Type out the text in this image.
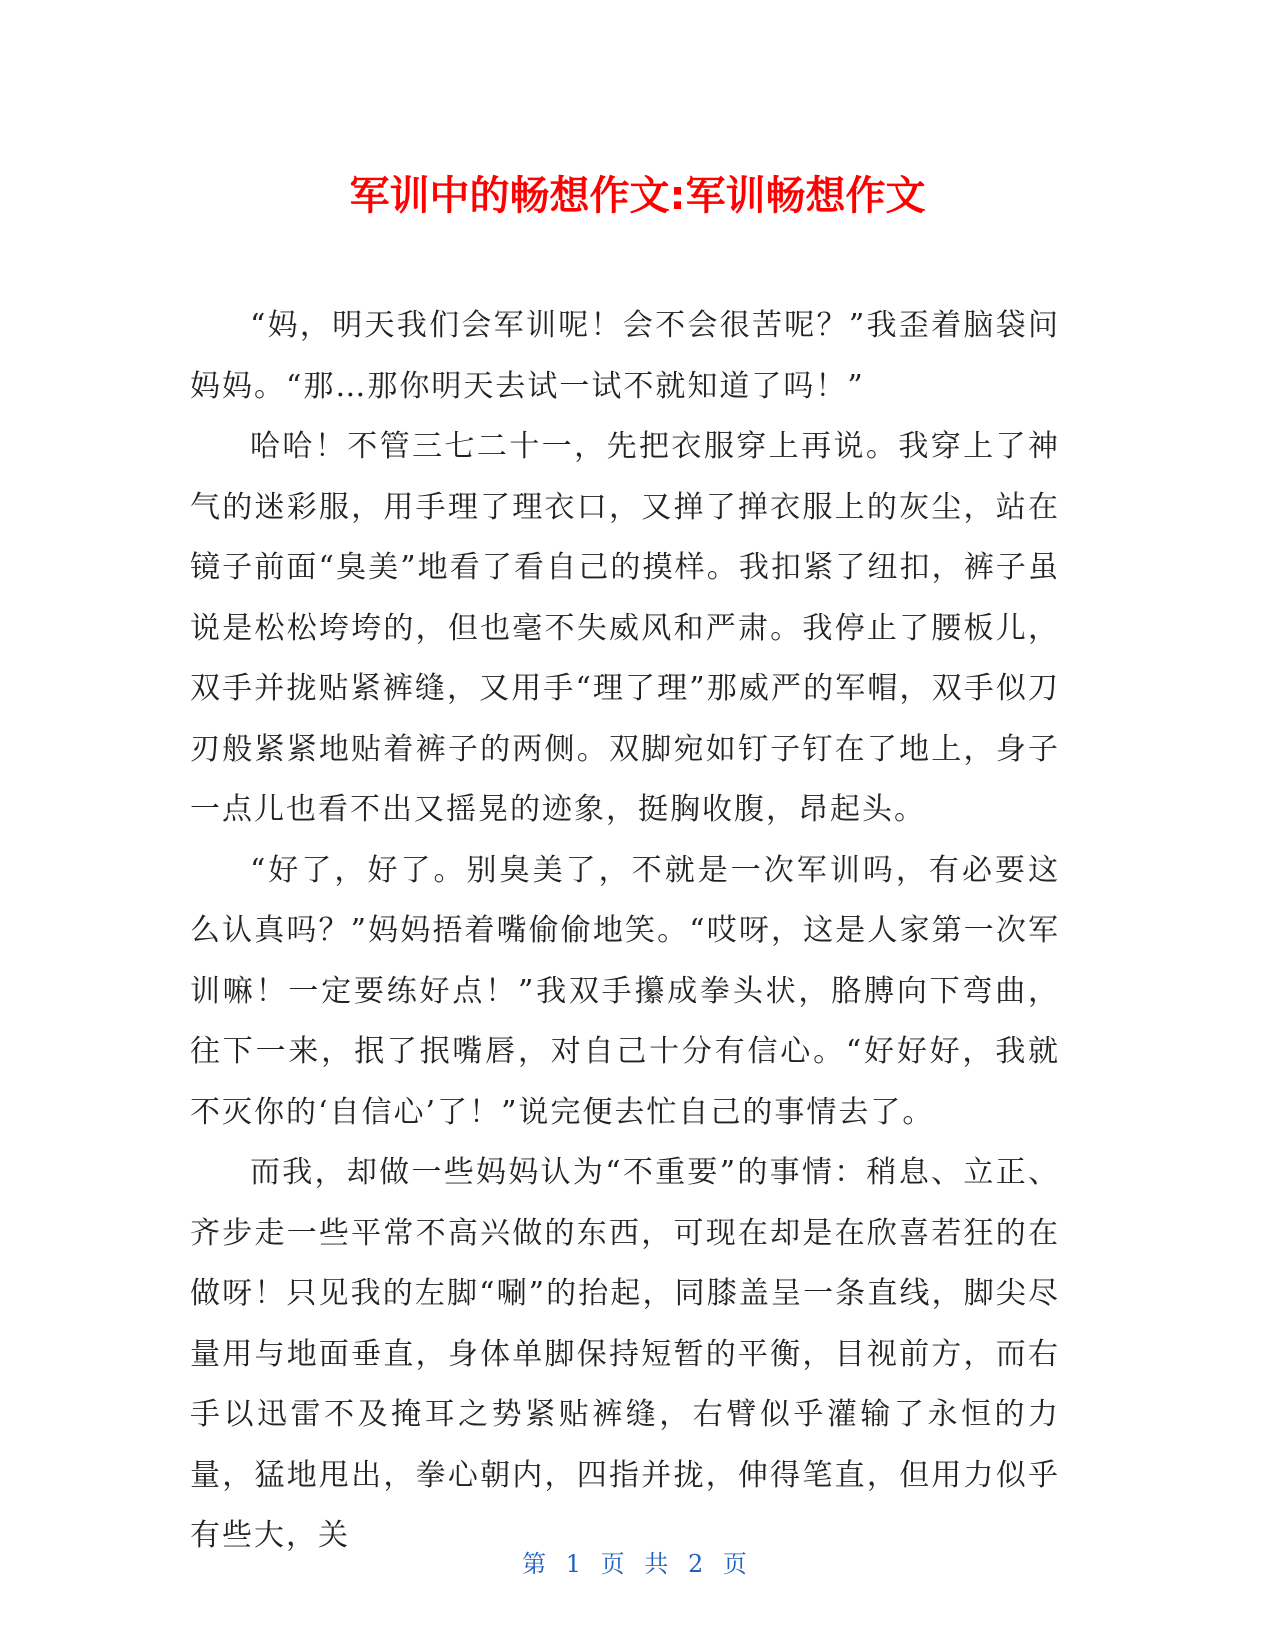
军训中的畅想作文:军训畅想作文

“妈，明天我们会军训呢！会不会很苦呢？”我歪着脑袋问妈妈。“那…那你明天去试一试不就知道了吗！”

哈哈！不管三七二十一，先把衣服穿上再说。我穿上了神气的迷彩服，用手理了理衣口，又掸了掸衣服上的灰尘，站在镜子前面“臭美”地看了看自己的摸样。我扣紧了纽扣，裤子虽说是松松垮垮的，但也毫不失威风和严肃。我停止了腰板儿，双手并拢贴紧裤缝，又用手“理了理”那威严的军帽，双手似刀刃般紧紧地贴着裤子的两侧。双脚宛如钉子钉在了地上，身子一点儿也看不出又摇晃的迹象，挺胸收腹，昂起头。

“好了，好了。别臭美了，不就是一次军训吗，有必要这么认真吗？”妈妈捂着嘴偷偷地笑。“哎呀，这是人家第一次军训嘛！一定要练好点！”我双手攥成拳头状，胳膊向下弯曲，往下一来，抿了抿嘴唇，对自己十分有信心。“好好好，我就不灭你的‘自信心’了！”说完便去忙自己的事情去了。

而我，却做一些妈妈认为“不重要”的事情：稍息、立正、齐步走一些平常不高兴做的东西，可现在却是在欣喜若狂的在做呀！只见我的左脚“唰”的抬起，同膝盖呈一条直线，脚尖尽量用与地面垂直，身体单脚保持短暂的平衡，目视前方，而右手以迅雷不及掩耳之势紧贴裤缝，右臂似乎灌输了永恒的力量，猛地甩出，拳心朝内，四指并拢，伸得笔直，但用力似乎有些大，关

第 1 页 共 2 页
